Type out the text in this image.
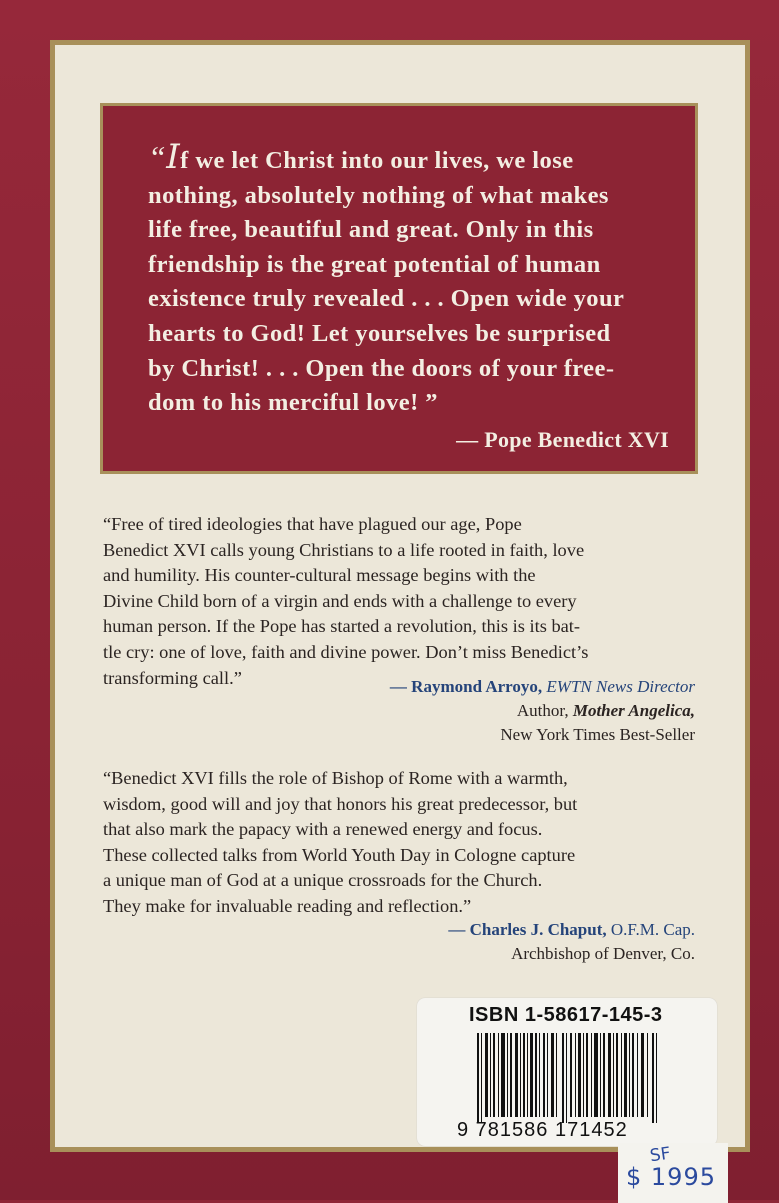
“If we let Christ into our lives, we lose
nothing, absolutely nothing of what makes
life free, beautiful and great. Only in this
friendship is the great potential of human
existence truly revealed . . . Open wide your
hearts to God! Let yourselves be surprised
by Christ! . . . Open the doors of your free-
dom to his merciful love! ”

— Pope Benedict XVI

“Free of tired ideologies that have plagued our age, Pope
Benedict XVI calls young Christians to a life rooted in faith, love
and humility. His counter-cultural message begins with the
Divine Child born of a virgin and ends with a challenge to every
human person. If the Pope has started a revolution, this is its bat-
tle cry: one of love, faith and divine power. Don’t miss Benedict’s
transforming call.”	— Raymond Arroyo, EWTN News Director
Author, Mother Angelica,
New York Times Best-Seller

“Benedict XVI fills the role of Bishop of Rome with a warmth,
wisdom, good will and joy that honors his great predecessor, but
that also mark the papacy with a renewed energy and focus.
These collected talks from World Youth Day in Cologne capture
a unique man of God at a unique crossroads for the Church.
They make for invaluable reading and reflection.”

— Charles J. Chaput, O.F.M. Cap.
Archbishop of Denver, Co.
ISBN 1-58617-145-3
9 781586 171452
SF
$ 1995
